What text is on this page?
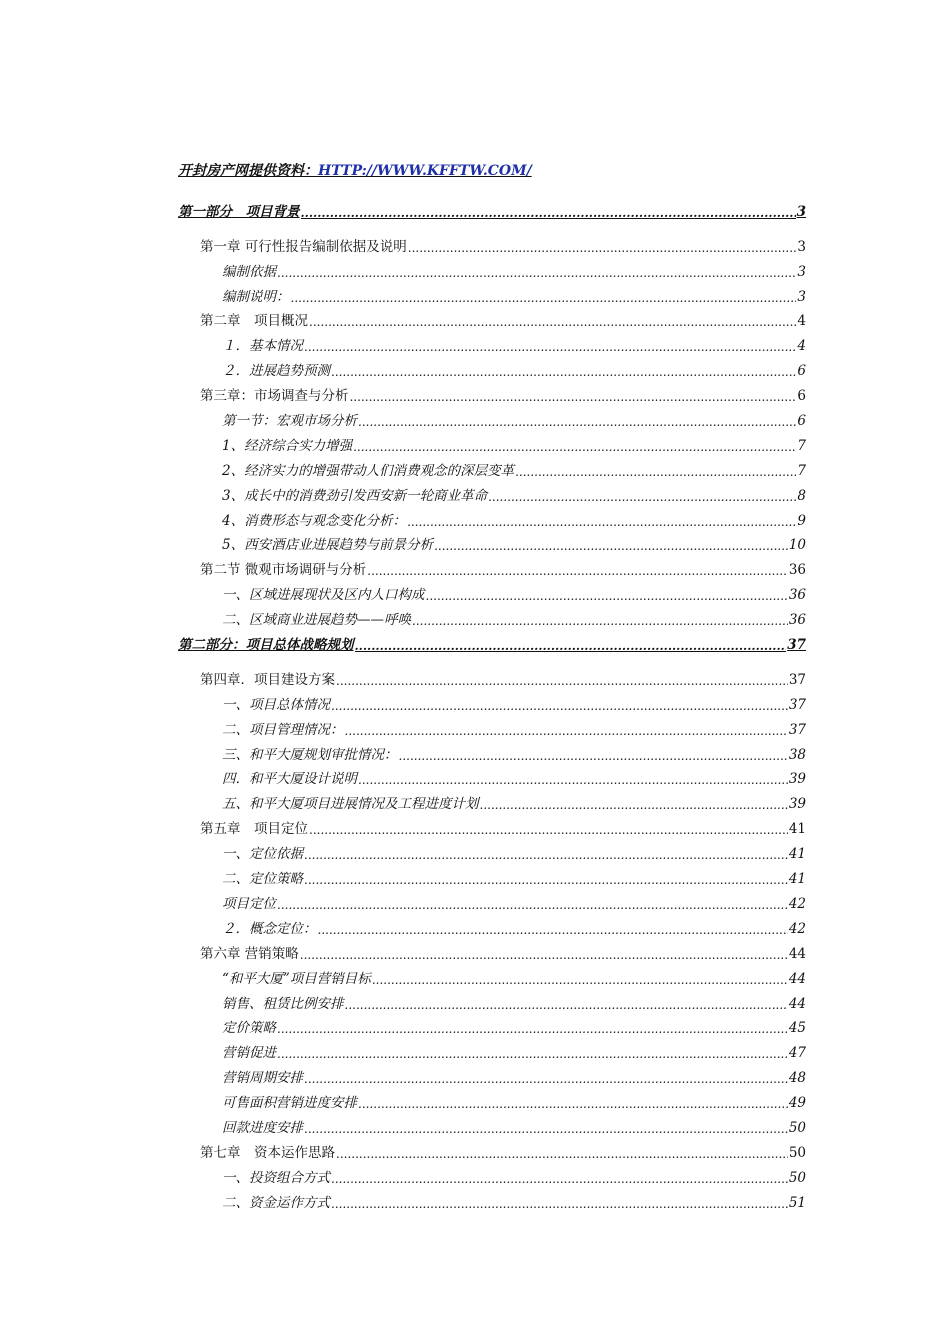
开封房产网提供资料：HTTP://WWW.KFFTW.COM/
第一部分　项目背景 .....	3
第一章 可行性报告编制依据及说明 .....	3
编制依据 .....	3
编制说明： .....	3
第二章　项目概况 .....	4
１．基本情况 .....	4
２．进展趋势预测 .....	6
第三章：市场调查与分析 .....	6
第一节：宏观市场分析 .....	6
1、经济综合实力增强 .....	7
2、经济实力的增强带动人们消费观念的深层变革 .....	7
3、成长中的消费劲引发西安新一轮商业革命 .....	8
4、消费形态与观念变化分析： .....	9
5、西安酒店业进展趋势与前景分析 .....	10
第二节 微观市场调研与分析 .....	36
一、区域进展现状及区内人口构成 .....	36
二、区域商业进展趋势——呼唤 .....	36
第二部分：项目总体战略规划 .....	37
第四章．项目建设方案 .....	37
一、项目总体情况 .....	37
二、项目管理情况： .....	37
三、和平大厦规划审批情况： .....	38
四．和平大厦设计说明 .....	39
五、和平大厦项目进展情况及工程进度计划 .....	39
第五章　项目定位 .....	41
一、定位依据 .....	41
二、定位策略 .....	41
项目定位 .....	42
２．概念定位： .....	42
第六章 营销策略 .....	44
“和平大厦”项目营销目标 .....	44
销售、租赁比例安排 .....	44
定价策略 .....	45
营销促进 .....	47
营销周期安排 .....	48
可售面积营销进度安排 .....	49
回款进度安排 .....	50
第七章　资本运作思路 .....	50
一、投资组合方式 .....	50
二、资金运作方式 .....	51
